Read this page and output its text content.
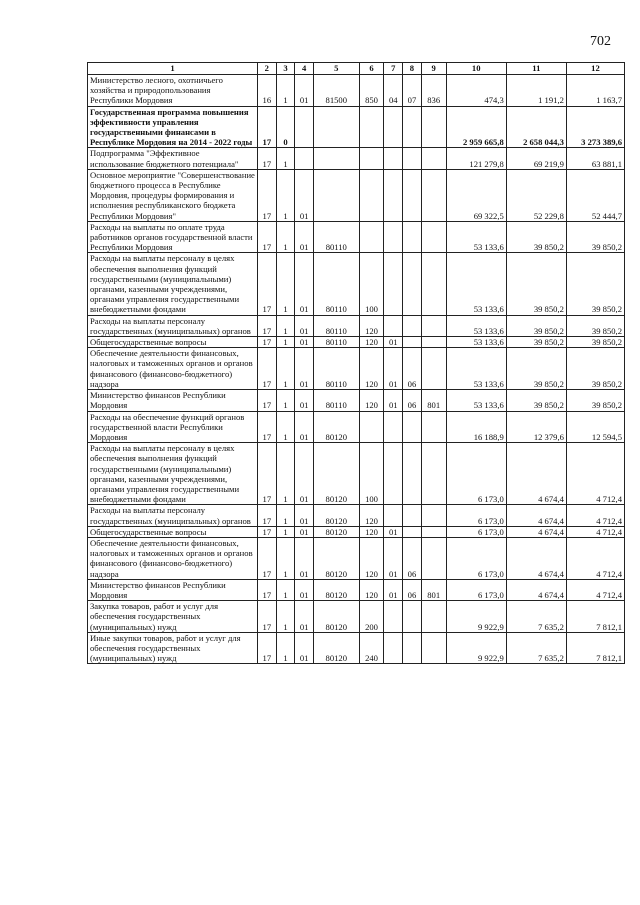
702
1	2	3	4	5	6	7	8	9	10	11	12
Министерство лесного, охотничьего хозяйства и природопользования Республики Мордовия	16	1	01	81500	850	04	07	836	474,3	1 191,2	1 163,7
Государственная программа повышения эффективности управления государственными финансами в Республике Мордовия на 2014 - 2022 годы	17	0							2 959 665,8	2 658 044,3	3 273 389,6
Подпрограмма "Эффективное использование бюджетного потенциала"	17	1							121 279,8	69 219,9	63 881,1
Основное мероприятие "Совершенствование бюджетного процесса в Республике Мордовия, процедуры формирования и исполнения республиканского бюджета Республики Мордовия"	17	1	01						69 322,5	52 229,8	52 444,7
Расходы на выплаты по оплате труда работников органов государственной власти Республики Мордовия	17	1	01	80110					53 133,6	39 850,2	39 850,2
Расходы на выплаты персоналу в целях обеспечения выполнения функций государственными (муниципальными) органами, казенными учреждениями, органами управления государственными внебюджетными фондами	17	1	01	80110	100				53 133,6	39 850,2	39 850,2
Расходы на выплаты персоналу государственных (муниципальных) органов	17	1	01	80110	120				53 133,6	39 850,2	39 850,2
Общегосударственные вопросы	17	1	01	80110	120	01			53 133,6	39 850,2	39 850,2
Обеспечение деятельности финансовых, налоговых и таможенных органов и органов финансового (финансово-бюджетного) надзора	17	1	01	80110	120	01	06		53 133,6	39 850,2	39 850,2
Министерство финансов Республики Мордовия	17	1	01	80110	120	01	06	801	53 133,6	39 850,2	39 850,2
Расходы на обеспечение функций органов государственной власти Республики Мордовия	17	1	01	80120					16 188,9	12 379,6	12 594,5
Расходы на выплаты персоналу в целях обеспечения выполнения функций государственными (муниципальными) органами, казенными учреждениями, органами управления государственными внебюджетными фондами	17	1	01	80120	100				6 173,0	4 674,4	4 712,4
Расходы на выплаты персоналу государственных (муниципальных) органов	17	1	01	80120	120				6 173,0	4 674,4	4 712,4
Общегосударственные вопросы	17	1	01	80120	120	01			6 173,0	4 674,4	4 712,4
Обеспечение деятельности финансовых, налоговых и таможенных органов и органов финансового (финансово-бюджетного) надзора	17	1	01	80120	120	01	06		6 173,0	4 674,4	4 712,4
Министерство финансов Республики Мордовия	17	1	01	80120	120	01	06	801	6 173,0	4 674,4	4 712,4
Закупка товаров, работ и услуг для обеспечения государственных (муниципальных) нужд	17	1	01	80120	200				9 922,9	7 635,2	7 812,1
Иные закупки товаров, работ и услуг для обеспечения государственных (муниципальных) нужд	17	1	01	80120	240				9 922,9	7 635,2	7 812,1
